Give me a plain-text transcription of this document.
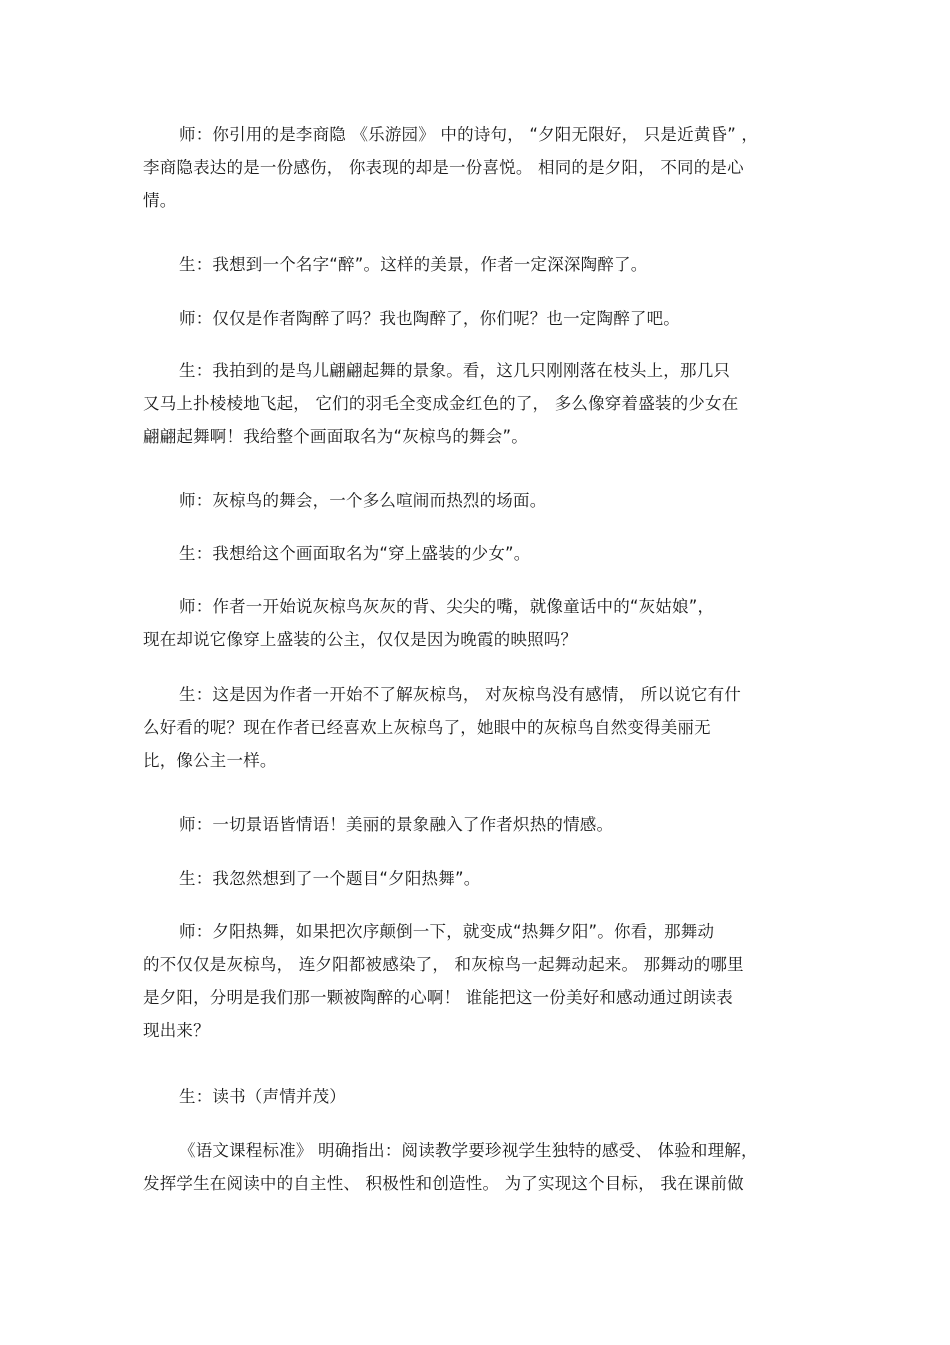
师：你引用的是李商隐 《乐游园》 中的诗句， “夕阳无限好， 只是近黄昏” ，
李商隐表达的是一份感伤， 你表现的却是一份喜悦。 相同的是夕阳， 不同的是心
情。
生：我想到一个名字“醉”。这样的美景，作者一定深深陶醉了。
师：仅仅是作者陶醉了吗？我也陶醉了，你们呢？也一定陶醉了吧。
生：我拍到的是鸟儿翩翩起舞的景象。看，这几只刚刚落在枝头上，那几只
又马上扑棱棱地飞起， 它们的羽毛全变成金红色的了， 多么像穿着盛装的少女在
翩翩起舞啊！我给整个画面取名为“灰椋鸟的舞会”。
师：灰椋鸟的舞会，一个多么喧闹而热烈的场面。
生：我想给这个画面取名为“穿上盛装的少女”。
师：作者一开始说灰椋鸟灰灰的背、尖尖的嘴，就像童话中的“灰姑娘”，
现在却说它像穿上盛装的公主，仅仅是因为晚霞的映照吗？
生：这是因为作者一开始不了解灰椋鸟， 对灰椋鸟没有感情， 所以说它有什
么好看的呢？现在作者已经喜欢上灰椋鸟了，她眼中的灰椋鸟自然变得美丽无
比，像公主一样。
师：一切景语皆情语！美丽的景象融入了作者炽热的情感。
生：我忽然想到了一个题目“夕阳热舞”。
师：夕阳热舞，如果把次序颠倒一下，就变成“热舞夕阳”。你看，那舞动
的不仅仅是灰椋鸟， 连夕阳都被感染了， 和灰椋鸟一起舞动起来。 那舞动的哪里
是夕阳，分明是我们那一颗被陶醉的心啊！ 谁能把这一份美好和感动通过朗读表
现出来？
生：读书（声情并茂）
《语文课程标准》 明确指出：阅读教学要珍视学生独特的感受、 体验和理解，
发挥学生在阅读中的自主性、 积极性和创造性。 为了实现这个目标， 我在课前做
